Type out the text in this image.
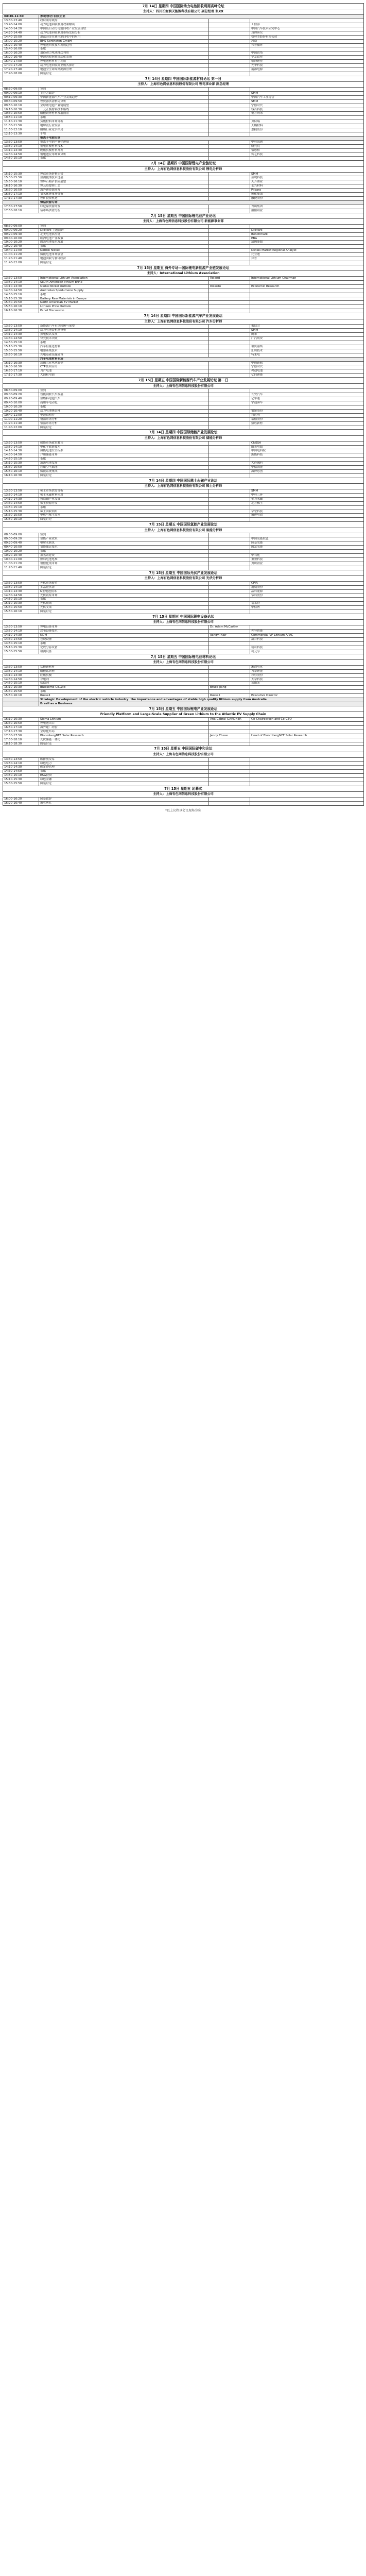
7月 14日 星期四 中国国际动力电池回收利用高峰论坛			

主持人：四川长虹润天能源科技有限公司 副总经理 张XX			

08:30-11:30	参观/参访·回收企业		
13:30-13:40	政府领导致辞		
13:40-14:00	动力电池回收利用政策解读		工信部
14:00-14:20	中国废旧动力电池回收产业发展现状		中国汽车技术研究中心
14:20-14:40	动力电池回收利用市场发展分析		真锂研究
14:40-15:00	湿法冶金在锂电池回收中的应用		格林美股份有限公司
15:00-15:20	BHS Sonthofen GmbH		河南
15:20-15:40	锂电池回收技术发展趋势		邦普循环
15:40-16:00	茶歇		
16:00-16:20	退役动力电池梯次利用		中国铁塔
16:20-16:40	电池回收拆解自动化装备		华友钴业
16:40-17:00	锂电池材料再生利用		赣锋锂业
17:00-17:20	动力电池回收商业模式探讨		光华科技
17:20-17:40	电池全生命周期溯源管理		南都电源
17:40-18:00	圆桌讨论		

7月 14日 星期四 中国国际新能源材料论坛 第一日			

主持人：上海有色网信息科技股份有限公司 锂电事业部 副总经理			

08:30-09:00	签到		
09:00-09:10	主办方致辞		SMM
09:10-09:30	中国新能源汽车产业发展趋势		中国汽车工业协会
09:30-09:50	锂资源供需格局分析		SMM
09:50-10:10	全球锂电池产业链展望		宁德时代
10:10-10:30	三元正极材料技术路线		容百科技
10:30-10:50	磷酸铁锂材料发展前景		德方纳米
10:50-11:10	茶歇		
11:10-11:30	负极材料市场分析		贝特瑞
11:30-11:50	电解液行业发展		天赐材料
11:50-12:10	隔膜行业竞争格局		恩捷股份
12:10-13:30	午餐		
	钠离子电池专场		
13:30-13:50	钠离子电池产业化进展		中科海钠
13:50-14:10	钠电正极材料技术		研究院
14:10-14:30	硬碳负极材料开发		佰思格
14:30-14:50	钠电池应用场景分析		传艺科技
14:50-15:10	茶歇		

7月 14日 星期四 中国国际锂电产业链论坛			

主持人：上海有色网信息科技股份有限公司 锂电分析师			

15:10-15:30	锂盐市场价格走势		SMM
15:30-15:50	盐湖提锂技术进展		蓝晓科技
15:50-16:10	锂辉石精矿供应展望		天齐锂业
16:10-16:30	锂云母提锂工艺		永兴材料
16:30-16:50	海外锂资源开发		Pilbara
16:50-17:10	氢氧化锂市场分析		雅化集团
17:10-17:30	锂矿投资机遇		融捷股份
	镍钴资源专场		
17:30-17:50	印尼镍资源开发		青山集团
17:50-18:10	钴市场供需分析		洛阳钼业

7月 15日 星期五 中国国际锂电池产业论坛			

主持人：上海有色网信息科技股份有限公司 新能源事业部			

08:30-09:00	签到		
09:00-09:20	Dr.Mark 主题演讲		Dr.Mark
09:20-09:40	北美电池供应链		Benchmark
09:40-10:00	欧洲电池产业政策		EBA
10:00-10:20	固态电池技术发展		清陶能源
10:20-10:40	茶歇		
10:40-11:00	Norilsk Nickel		Metals Market Regional Analyst
11:00-11:20	储能电池市场展望		比亚迪
11:20-11:40	电池回收与循环经济		邦普
11:40-12:00	圆桌讨论		

7月 15日 星期五 海外专场—国际锂电新能源产业链发展论坛			

主持人：International Lithium Association			

13:30-13:50	International Lithium Association	Roland	International Lithium Chairman
13:50-14:10	South American lithium brine		
14:10-14:30	Global Nickel Outlook	Ricardo	Economic Research
14:30-14:50	Australian Spodumene Supply		
14:50-15:10	茶歇		
15:10-15:30	Battery Raw Materials in Europe		
15:30-15:50	North American EV Market		
15:50-16:10	Lithium Price Outlook		
16:10-16:30	Panel Discussion		

7月 14日 星期四 中国国际新能源汽车产业发展论坛			

主持人：上海有色网信息科技股份有限公司 汽车分析师			

13:30-13:50	新能源汽车市场回顾与展望		乘联会
13:50-14:10	动力电池装机量分析		SMM
14:10-14:30	换电模式发展		蔚来
14:30-14:50	快充技术突破		广汽埃安
14:50-15:10	茶歇		
15:10-15:30	汽车轻量化材料		诺贝丽斯
15:30-15:50	电驱系统技术		汇川技术
15:50-16:10	充电基础设施建设		特来电
	汽车电池材料专场		
16:10-16:30	高镍三元电池安全		中创新航
16:30-16:50	CTP技术应用		宁德时代
16:50-17:10	刀片电池		弗迪电池
17:10-17:30	大圆柱电池		亿纬锂能

7月 15日 星期五 中国国际新能源汽车产业发展论坛 第二日			

主持人：上海有色网信息科技股份有限公司			

08:30-09:00	签到		
09:00-09:20	智能网联汽车发展		长安汽车
09:20-09:40	氢燃料电池汽车		亿华通
09:40-10:00	商用车电动化		宇通客车
10:00-10:20	茶歇		
10:20-10:40	动力电池热管理		银轮股份
10:40-11:00	电池结构件		科达利
11:00-11:20	铜箔市场分析		诺德股份
11:20-11:40	铝箔市场分析		鼎胜新材
11:40-12:00	圆桌讨论		

7月 14日 星期四 中国国际储能产业发展论坛			

主持人：上海有色网信息科技股份有限公司 储能分析师			

13:30-13:50	储能市场政策解读		CNESA
13:50-14:10	电化学储能技术		阳光电源
14:10-14:30	储能电池安全标准		中国电科院
14:30-14:50	户用储能市场		派能科技
14:50-15:10	茶歇		
15:10-15:30	液流电池发展		大连融科
15:30-15:50	压缩空气储能		中储国能
15:50-16:10	储能系统集成		海博思创
16:10-16:30	圆桌讨论		

7月 14日 星期四 中国国际稀土永磁产业论坛			

主持人：上海有色网信息科技股份有限公司 稀土分析师			

13:30-13:50	稀土市场供需分析		SMM
13:50-14:10	稀土永磁材料应用		中科三环
14:10-14:30	钕铁硼产业发展		金力永磁
14:30-14:50	稀土资源开发		北方稀土
14:50-15:10	茶歇		
15:10-15:30	稀土回收利用		华宏科技
15:30-15:50	电机与稀土需求		精进电动
15:50-16:10	圆桌讨论		

7月 15日 星期五 中国国际氢能产业发展论坛			

主持人：上海有色网信息科技股份有限公司 氢能分析师			

08:30-09:00	签到		
09:00-09:20	氢能产业政策		中国氢能联盟
09:20-09:40	电解水制氢		隆基氢能
09:40-10:00	氢能储运技术		国富氢能
10:00-10:20	茶歇		
10:20-10:40	加氢站建设		中石化
10:40-11:00	燃料电池电堆		重塑科技
11:00-11:20	铂催化剂市场		贵研铂业
11:20-11:40	圆桌讨论		

7月 15日 星期五 中国国际光伏产业发展论坛			

主持人：上海有色网信息科技股份有限公司 光伏分析师			

13:30-13:50	光伏市场展望		CPIA
13:50-14:10	多晶硅供需		通威股份
14:10-14:30	N型电池技术		晶科能源
14:30-14:50	光伏银浆市场		帝科股份
14:50-15:10	茶歇		
15:10-15:30	光伏玻璃		福莱特
15:30-15:50	光伏支架		中信博
15:50-16:10	圆桌讨论		

7月 15日 星期五 中国国际锂电设备论坛			

主持人：上海有色网信息科技股份有限公司			

13:30-13:50	锂电设备市场	Dr. Adam McCarthy	
13:50-14:10	涂布设备技术		先导智能
14:10-14:30	NDM	Jiangyi Nair	Commercial VP Lithium APAC
14:30-14:50	卷绕设备		赢合科技
14:50-15:10	茶歇		
15:10-15:30	化成分容设备		杭可科技
15:30-15:50	检测设备		利元亨

7月 15日 星期五 中国国际锂电池材料论坛			

主持人：上海有色网信息科技股份有限公司			

13:30-13:50	锰酸锂材料		湘潭电化
13:50-14:10	磷酸锰铁锂		力泰锂能
14:10-14:30	硅碳负极		杉杉股份
14:30-14:50	导电剂		天奈科技
14:50-15:10	粘结剂		东阳光
15:10-15:30	Bluesome Co.,Ltd	Bruce Jiang	
15:30-15:50	茶歇		
15:50-16:10	Russell	Russell	Executive Director
	Strategic Development of the electric vehicle industry: the importance and advantages of stable high quality lithium supply from Australia		
	Brazil as a Business		

7月 15日 星期五 中国国际锂电产业发展论坛			

Friendly Platform and Large-Scale Supplier of Green Lithium to the Atlantic EV Supply Chain			

16:10-16:30	Sigma Lithium	Ana Cabral-GARDNER	Co-Chairperson and Co-CEO
16:30-16:50	锂电池出口		
16:50-17:10	海外建厂经验		
17:10-17:30	全球化布局		
17:30-17:50	BloombergNEF Solar Research	Jenny Chase	Head of BloombergNEF Solar Research
17:50-18:10	光伏储能一体化		
18:10-18:30	圆桌讨论		

7月 15日 星期五 中国国际碳中和论坛			

主持人：上海有色网信息科技股份有限公司			

13:30-13:50	碳排放交易		
13:50-14:10	绿色电力		
14:10-14:30	碳足迹管理		
14:30-14:50	茶歇		
14:50-15:10	ESG投资		
15:10-15:30	绿色金融		
15:30-15:50	圆桌讨论		

7月 15日 星期五 闭幕式			

主持人：上海有色网信息科技股份有限公司			

16:00-16:20	闭幕致辞		
16:20-16:40	颁奖典礼		
*以上议程以会议现场为准
